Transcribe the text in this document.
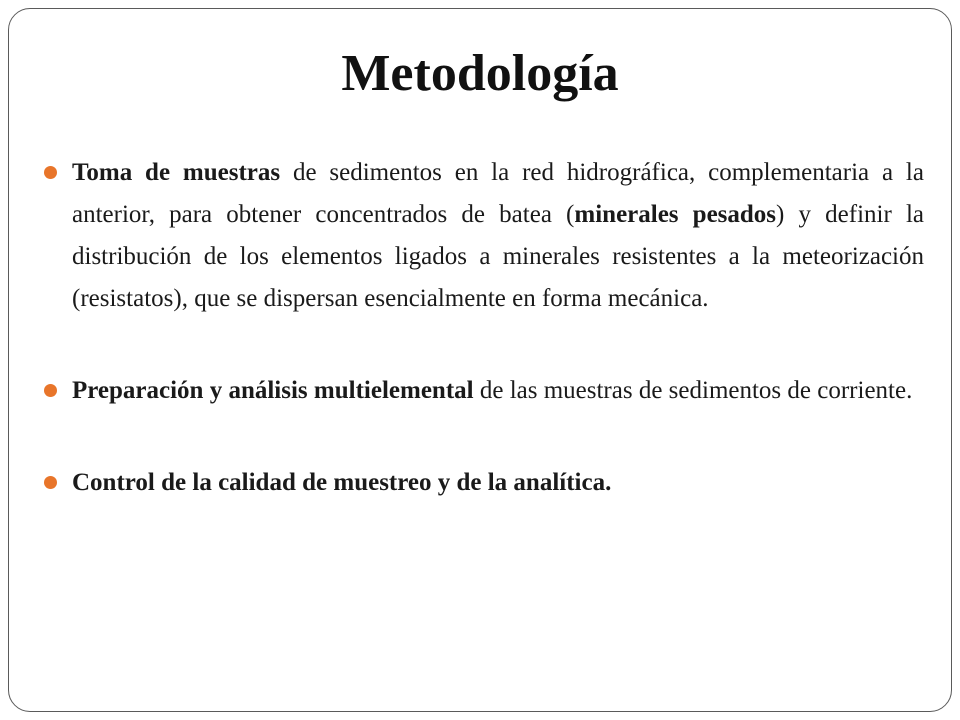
Metodología
Toma de muestras de sedimentos en la red hidrográfica, complementaria a la anterior, para obtener concentrados de batea (minerales pesados) y definir la distribución de los elementos ligados a minerales resistentes a la meteorización (resistatos), que se dispersan esencialmente en forma mecánica.
Preparación y análisis multielemental de las muestras de sedimentos de corriente.
Control de la calidad de muestreo y de la analítica.
